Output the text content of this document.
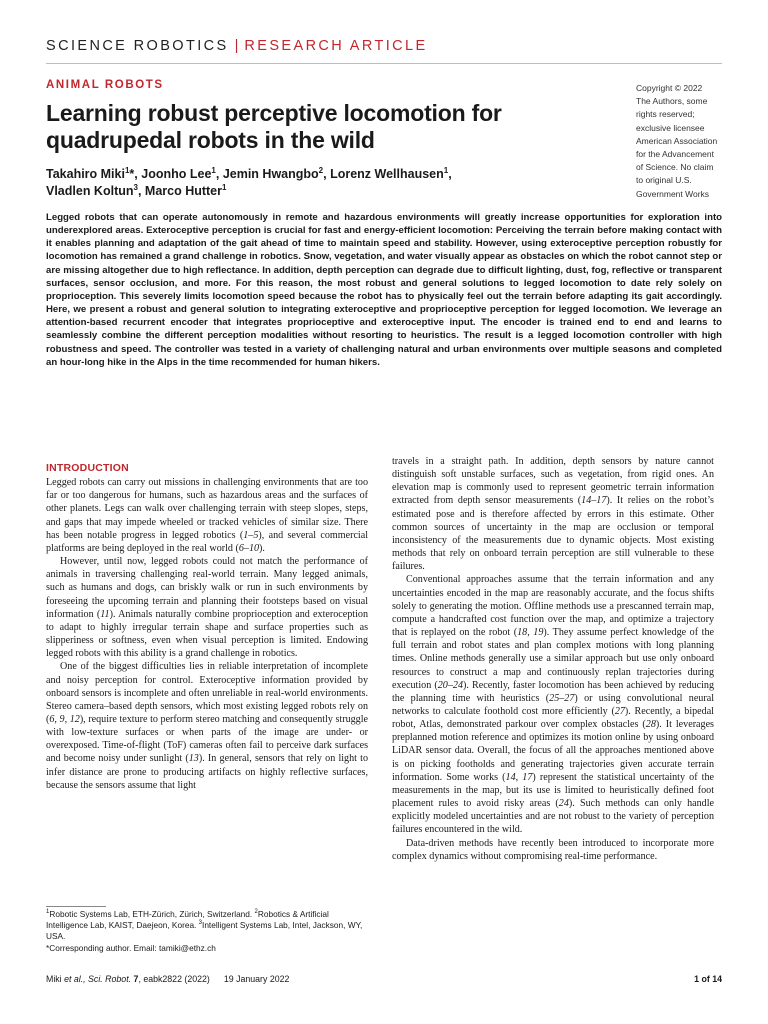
SCIENCE ROBOTICS | RESEARCH ARTICLE
ANIMAL ROBOTS
Learning robust perceptive locomotion for quadrupedal robots in the wild
Takahiro Miki$^1$*, Joonho Lee$^1$, Jemin Hwangbo$^2$, Lorenz Wellhausen$^1$,
Vladlen Koltun$^3$, Marco Hutter$^1$

Copyright © 2022

The Authors, some

rights reserved;

exclusive licensee

American Association

for the Advancement

of Science. No claim

to original U.S.

Government Works

Legged robots that can operate autonomously in remote and hazardous environments will greatly increase opportunities for exploration into underexplored areas. Exteroceptive perception is crucial for fast and energy-efficient locomotion: Perceiving the terrain before making contact with it enables planning and adaptation of the gait ahead of time to maintain speed and stability. However, using exteroceptive perception robustly for locomotion has remained a grand challenge in robotics. Snow, vegetation, and water visually appear as obstacles on which the robot cannot step or are missing altogether due to high reflectance. In addition, depth perception can degrade due to difficult lighting, dust, fog, reflective or transparent surfaces, sensor occlusion, and more. For this reason, the most robust and general solutions to legged locomotion to date rely solely on proprioception. This severely limits locomotion speed because the robot has to physically feel out the terrain before adapting its gait accordingly. Here, we present a robust and general solution to integrating exteroceptive and proprioceptive perception for legged locomotion. We leverage an attention-based recurrent encoder that integrates proprioceptive and exteroceptive input. The encoder is trained end to end and learns to seamlessly combine the different perception modalities without resorting to heuristics. The result is a legged locomotion controller with high robustness and speed. The controller was tested in a variety of challenging natural and urban environments over multiple seasons and completed an hour-long hike in the Alps in the time recommended for human hikers.

INTRODUCTION

Legged robots can carry out missions in challenging environments that are too far or too dangerous for humans, such as hazardous areas and the surfaces of other planets. Legs can walk over challenging terrain with steep slopes, steps, and gaps that may impede wheeled or tracked vehicles of similar size. There has been notable progress in legged robotics (1–5), and several commercial platforms are being deployed in the real world (6–10).

However, until now, legged robots could not match the performance of animals in traversing challenging real-world terrain. Many legged animals, such as humans and dogs, can briskly walk or run in such environments by foreseeing the upcoming terrain and planning their footsteps based on visual information (11). Animals naturally combine proprioception and exteroception to adapt to highly irregular terrain shape and surface properties such as slipperiness or softness, even when visual perception is limited. Endowing legged robots with this ability is a grand challenge in robotics.

One of the biggest difficulties lies in reliable interpretation of incomplete and noisy perception for control. Exteroceptive information provided by onboard sensors is incomplete and often unreliable in real-world environments. Stereo camera–based depth sensors, which most existing legged robots rely on (6, 9, 12), require texture to perform stereo matching and consequently struggle with low-texture surfaces or when parts of the image are under- or overexposed. Time-of-flight (ToF) cameras often fail to perceive dark surfaces and become noisy under sunlight (13). In general, sensors that rely on light to infer distance are prone to producing artifacts on highly reflective surfaces, because the sensors assume that light

travels in a straight path. In addition, depth sensors by nature cannot distinguish soft unstable surfaces, such as vegetation, from rigid ones. An elevation map is commonly used to represent geometric terrain information extracted from depth sensor measurements (14–17). It relies on the robot’s estimated pose and is therefore affected by errors in this estimate. Other common sources of uncertainty in the map are occlusion or temporal inconsistency of the measurements due to dynamic objects. Most existing methods that rely on onboard terrain perception are still vulnerable to these failures.

Conventional approaches assume that the terrain information and any uncertainties encoded in the map are reasonably accurate, and the focus shifts solely to generating the motion. Offline methods use a prescanned terrain map, compute a handcrafted cost function over the map, and optimize a trajectory that is replayed on the robot (18, 19). They assume perfect knowledge of the full terrain and robot states and plan complex motions with long planning times. Online methods generally use a similar approach but use only onboard resources to construct a map and continuously replan trajectories during execution (20–24). Recently, faster locomotion has been achieved by reducing the planning time with heuristics (25–27) or using convolutional neural networks to calculate foothold cost more efficiently (27). Recently, a bipedal robot, Atlas, demonstrated parkour over complex obstacles (28). It leverages preplanned motion reference and optimizes its motion online by using onboard LiDAR sensor data. Overall, the focus of all the approaches mentioned above is on picking footholds and generating trajectories given accurate terrain information. Some works (14, 17) represent the statistical uncertainty of the measurements in the map, but its use is limited to heuristically defined foot placement rules to avoid risky areas (24). Such methods can only handle explicitly modeled uncertainties and are not robust to the variety of perception failures encountered in the wild.

Data-driven methods have recently been introduced to incorporate more complex dynamics without compromising real-time performance.

$^1$Robotic Systems Lab, ETH-Zürich, Zürich, Switzerland. $^2$Robotics & Artificial Intelligence Lab, KAIST, Daejeon, Korea. $^3$Intelligent Systems Lab, Intel, Jackson, WY, USA.

*Corresponding author. Email: tamiki@ethz.ch

Miki et al., Sci. Robot. 7, eabk2822 (2022) 19 January 2022	1 of 14
